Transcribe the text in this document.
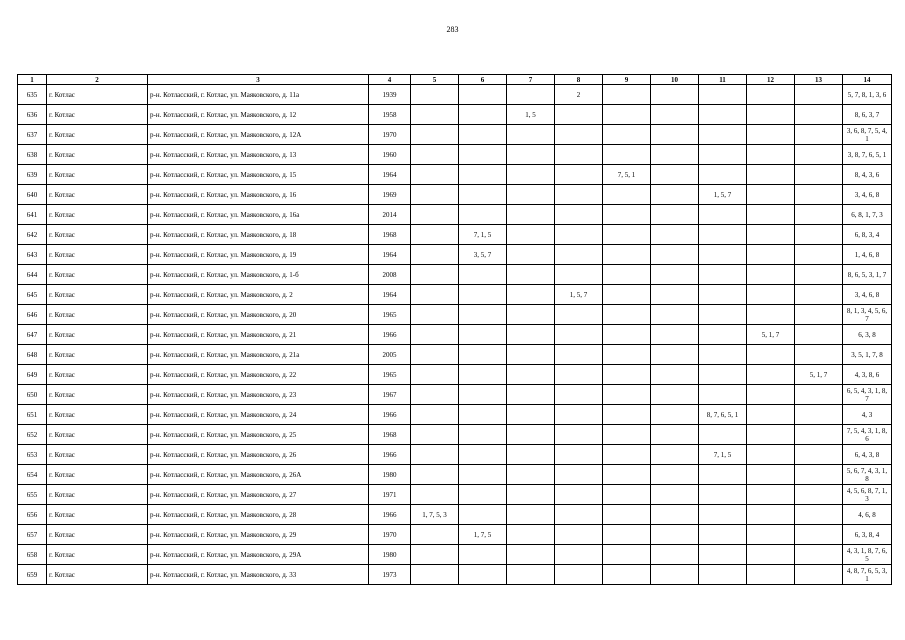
283
1	2	3	4	5	6	7	8	9	10	11	12	13	14
635	г. Котлас	р-н. Котласский, г. Котлас, ул. Маяковского, д. 11а	1939				2						5, 7, 8, 1, 3, 6
636	г. Котлас	р-н. Котласский, г. Котлас, ул. Маяковского, д. 12	1958			1, 5							8, 6, 3, 7
637	г. Котлас	р-н. Котласский, г. Котлас, ул. Маяковского, д. 12А	1970										3, 6, 8, 7, 5, 4, 1
638	г. Котлас	р-н. Котласский, г. Котлас, ул. Маяковского, д. 13	1960										3, 8, 7, 6, 5, 1
639	г. Котлас	р-н. Котласский, г. Котлас, ул. Маяковского, д. 15	1964					7, 5, 1					8, 4, 3, 6
640	г. Котлас	р-н. Котласский, г. Котлас, ул. Маяковского, д. 16	1969							1, 5, 7			3, 4, 6, 8
641	г. Котлас	р-н. Котласский, г. Котлас, ул. Маяковского, д. 16а	2014										6, 8, 1, 7, 3
642	г. Котлас	р-н. Котласский, г. Котлас, ул. Маяковского, д. 18	1968		7, 1, 5								6, 8, 3, 4
643	г. Котлас	р-н. Котласский, г. Котлас, ул. Маяковского, д. 19	1964		3, 5, 7								1, 4, 6, 8
644	г. Котлас	р-н. Котласский, г. Котлас, ул. Маяковского, д. 1-б	2008										8, 6, 5, 3, 1, 7
645	г. Котлас	р-н. Котласский, г. Котлас, ул. Маяковского, д. 2	1964				1, 5, 7						3, 4, 6, 8
646	г. Котлас	р-н. Котласский, г. Котлас, ул. Маяковского, д. 20	1965										8, 1, 3, 4, 5, 6, 7
647	г. Котлас	р-н. Котласский, г. Котлас, ул. Маяковского, д. 21	1966								5, 1, 7		6, 3, 8
648	г. Котлас	р-н. Котласский, г. Котлас, ул. Маяковского, д. 21а	2005										3, 5, 1, 7, 8
649	г. Котлас	р-н. Котласский, г. Котлас, ул. Маяковского, д. 22	1965									5, 1, 7	4, 3, 8, 6
650	г. Котлас	р-н. Котласский, г. Котлас, ул. Маяковского, д. 23	1967										6, 5, 4, 3, 1, 8, 7
651	г. Котлас	р-н. Котласский, г. Котлас, ул. Маяковского, д. 24	1966							8, 7, 6, 5, 1			4, 3
652	г. Котлас	р-н. Котласский, г. Котлас, ул. Маяковского, д. 25	1968										7, 5, 4, 3, 1, 8, 6
653	г. Котлас	р-н. Котласский, г. Котлас, ул. Маяковского, д. 26	1966							7, 1, 5			6, 4, 3, 8
654	г. Котлас	р-н. Котласский, г. Котлас, ул. Маяковского, д. 26А	1980										5, 6, 7, 4, 3, 1, 8
655	г. Котлас	р-н. Котласский, г. Котлас, ул. Маяковского, д. 27	1971										4, 5, 6, 8, 7, 1, 3
656	г. Котлас	р-н. Котласский, г. Котлас, ул. Маяковского, д. 28	1966	1, 7, 5, 3									4, 6, 8
657	г. Котлас	р-н. Котласский, г. Котлас, ул. Маяковского, д. 29	1970		1, 7, 5								6, 3, 8, 4
658	г. Котлас	р-н. Котласский, г. Котлас, ул. Маяковского, д. 29А	1980										4, 3, 1, 8, 7, 6, 5
659	г. Котлас	р-н. Котласский, г. Котлас, ул. Маяковского, д. 33	1973										4, 8, 7, 6, 5, 3, 1
